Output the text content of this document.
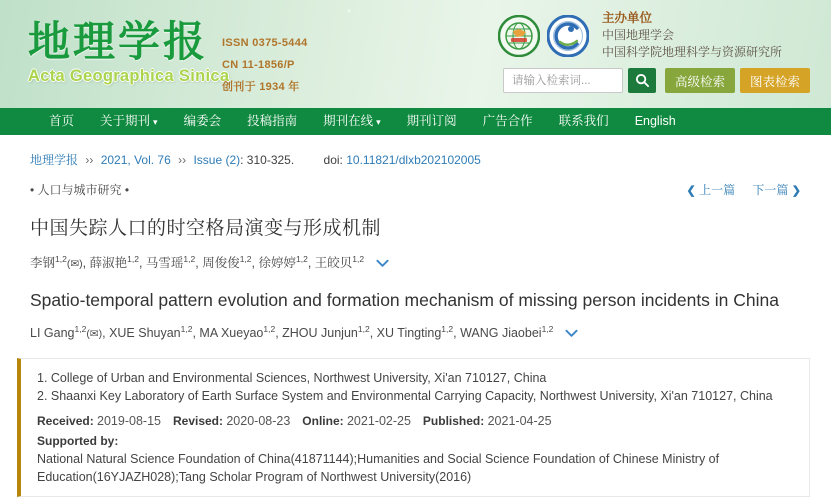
地理学报
Acta Geographica Sinica
ISSN 0375-5444
CN 11-1856/P
创刊于 1934 年
主办单位
中国地理学会
中国科学院地理科学与资源研究所
请输入检索词...
高级检索	图表检索
首页	关于期刊 ▾	编委会	投稿指南	期刊在线 ▾	期刊订阅	广告合作	联系我们	English
地理学报 ›› 2021, Vol. 76 ›› Issue (2): 310-325. doi: 10.11821/dlxb202102005
• 人口与城市研究 •	❮ 上一篇 下一篇 ❯
中国失踪人口的时空格局演变与形成机制
李钢$^{1,2}$(✉), 薛淑艳$^{1,2}$, 马雪瑶$^{1,2}$, 周俊俊$^{1,2}$, 徐婷婷$^{1,2}$, 王皎贝$^{1,2}$
Spatio-temporal pattern evolution and formation mechanism of missing person incidents in China
LI Gang$^{1,2}$(✉), XUE Shuyan$^{1,2}$, MA Xueyao$^{1,2}$, ZHOU Junjun$^{1,2}$, XU Tingting$^{1,2}$, WANG Jiaobei$^{1,2}$
1. College of Urban and Environmental Sciences, Northwest University, Xi'an 710127, China
2. Shaanxi Key Laboratory of Earth Surface System and Environmental Carrying Capacity, Northwest University, Xi'an 710127, China
Received: 2019-08-15 Revised: 2020-08-23 Online: 2021-02-25 Published: 2021-04-25
Supported by:
National Natural Science Foundation of China(41871144);Humanities and Social Science Foundation of Chinese Ministry of Education(16YJAZH028);Tang Scholar Program of Northwest University(2016)
